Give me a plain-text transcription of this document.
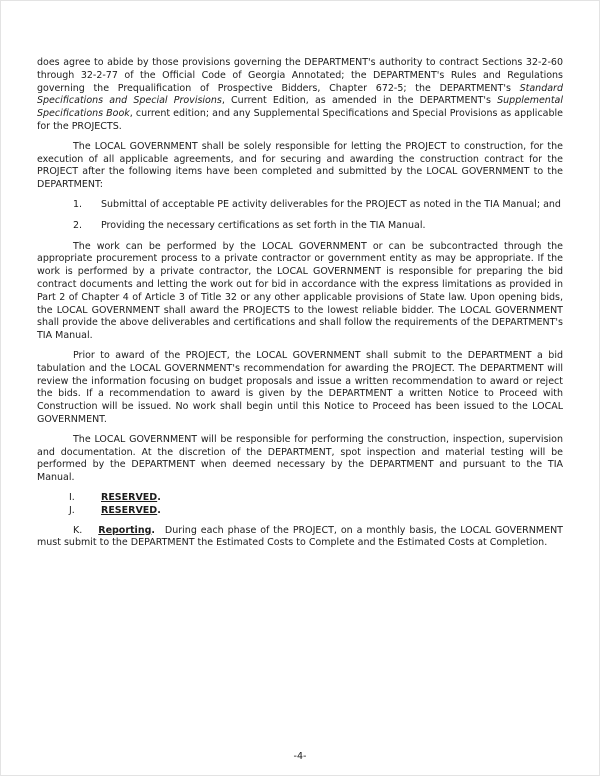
does agree to abide by those provisions governing the DEPARTMENT's authority to contract Sections 32-2-60 through 32-2-77 of the Official Code of Georgia Annotated; the DEPARTMENT's Rules and Regulations governing the Prequalification of Prospective Bidders, Chapter 672-5; the DEPARTMENT's Standard Specifications and Special Provisions, Current Edition, as amended in the DEPARTMENT's Supplemental Specifications Book, current edition; and any Supplemental Specifications and Special Provisions as applicable for the PROJECTS.

The LOCAL GOVERNMENT shall be solely responsible for letting the PROJECT to construction, for the execution of all applicable agreements, and for securing and awarding the construction contract for the PROJECT after the following items have been completed and submitted by the LOCAL GOVERNMENT to the DEPARTMENT:

1. Submittal of acceptable PE activity deliverables for the PROJECT as noted in the TIA Manual; and
2. Providing the necessary certifications as set forth in the TIA Manual.

The work can be performed by the LOCAL GOVERNMENT or can be subcontracted through the appropriate procurement process to a private contractor or government entity as may be appropriate. If the work is performed by a private contractor, the LOCAL GOVERNMENT is responsible for preparing the bid contract documents and letting the work out for bid in accordance with the express limitations as provided in Part 2 of Chapter 4 of Article 3 of Title 32 or any other applicable provisions of State law. Upon opening bids, the LOCAL GOVERNMENT shall award the PROJECTS to the lowest reliable bidder. The LOCAL GOVERNMENT shall provide the above deliverables and certifications and shall follow the requirements of the DEPARTMENT's TIA Manual.

Prior to award of the PROJECT, the LOCAL GOVERNMENT shall submit to the DEPARTMENT a bid tabulation and the LOCAL GOVERNMENT's recommendation for awarding the PROJECT. The DEPARTMENT will review the information focusing on budget proposals and issue a written recommendation to award or reject the bids. If a recommendation to award is given by the DEPARTMENT a written Notice to Proceed with Construction will be issued. No work shall begin until this Notice to Proceed has been issued to the LOCAL GOVERNMENT.

The LOCAL GOVERNMENT will be responsible for performing the construction, inspection, supervision and documentation. At the discretion of the DEPARTMENT, spot inspection and material testing will be performed by the DEPARTMENT when deemed necessary by the DEPARTMENT and pursuant to the TIA Manual.

I.	RESERVED.
J.	RESERVED.

K. Reporting. During each phase of the PROJECT, on a monthly basis, the LOCAL GOVERNMENT must submit to the DEPARTMENT the Estimated Costs to Complete and the Estimated Costs at Completion.

-4-
